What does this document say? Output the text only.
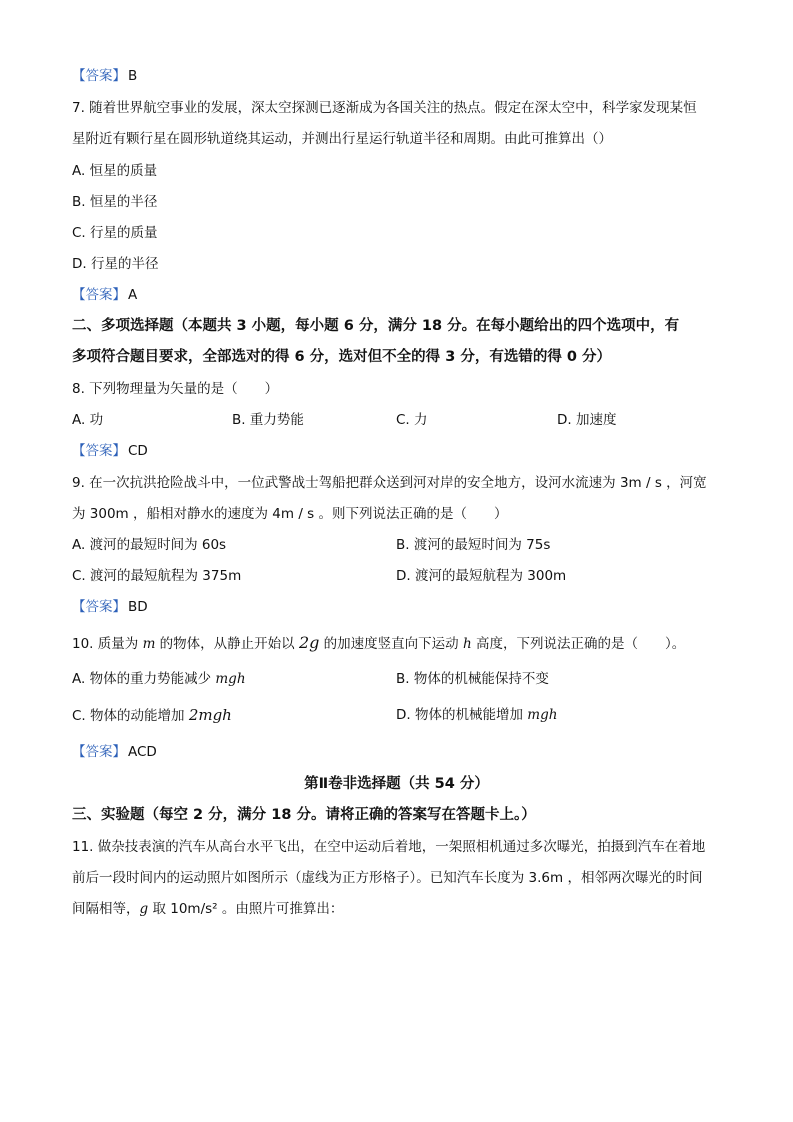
【答案】 B
7. 随着世界航空事业的发展，深太空探测已逐渐成为各国关注的热点。假定在深太空中，科学家发现某恒
星附近有颗行星在圆形轨道绕其运动，并测出行星运行轨道半径和周期。由此可推算出（）
A. 恒星的质量
B. 恒星的半径
C. 行星的质量
D. 行星的半径
【答案】 A
二、多项选择题（本题共 3 小题，每小题 6 分，满分 18 分。在每小题给出的四个选项中，有
多项符合题目要求，全部选对的得 6 分，选对但不全的得 3 分，有选错的得 0 分）
8. 下列物理量为矢量的是（　　）
A. 功	B. 重力势能	C. 力	D. 加速度
【答案】 CD
9. 在一次抗洪抢险战斗中，一位武警战士驾船把群众送到河对岸的安全地方，设河水流速为 3m / s ，河宽
为 300m ，船相对静水的速度为 4m / s 。则下列说法正确的是（　　）
A. 渡河的最短时间为 60s	B. 渡河的最短时间为 75s
C. 渡河的最短航程为 375m	D. 渡河的最短航程为 300m
【答案】 BD
10. 质量为 m 的物体，从静止开始以 2g 的加速度竖直向下运动 h 高度，下列说法正确的是（　　）。
A. 物体的重力势能减少 mgh	B. 物体的机械能保持不变
C. 物体的动能增加 2mgh	D. 物体的机械能增加 mgh
【答案】 ACD
第Ⅱ卷非选择题（共 54 分）
三、实验题（每空 2 分，满分 18 分。请将正确的答案写在答题卡上。）
11. 做杂技表演的汽车从高台水平飞出，在空中运动后着地，一架照相机通过多次曝光，拍摄到汽车在着地
前后一段时间内的运动照片如图所示（虚线为正方形格子）。已知汽车长度为 3.6m ，相邻两次曝光的时间
间隔相等，g 取 10m/s² 。由照片可推算出：
